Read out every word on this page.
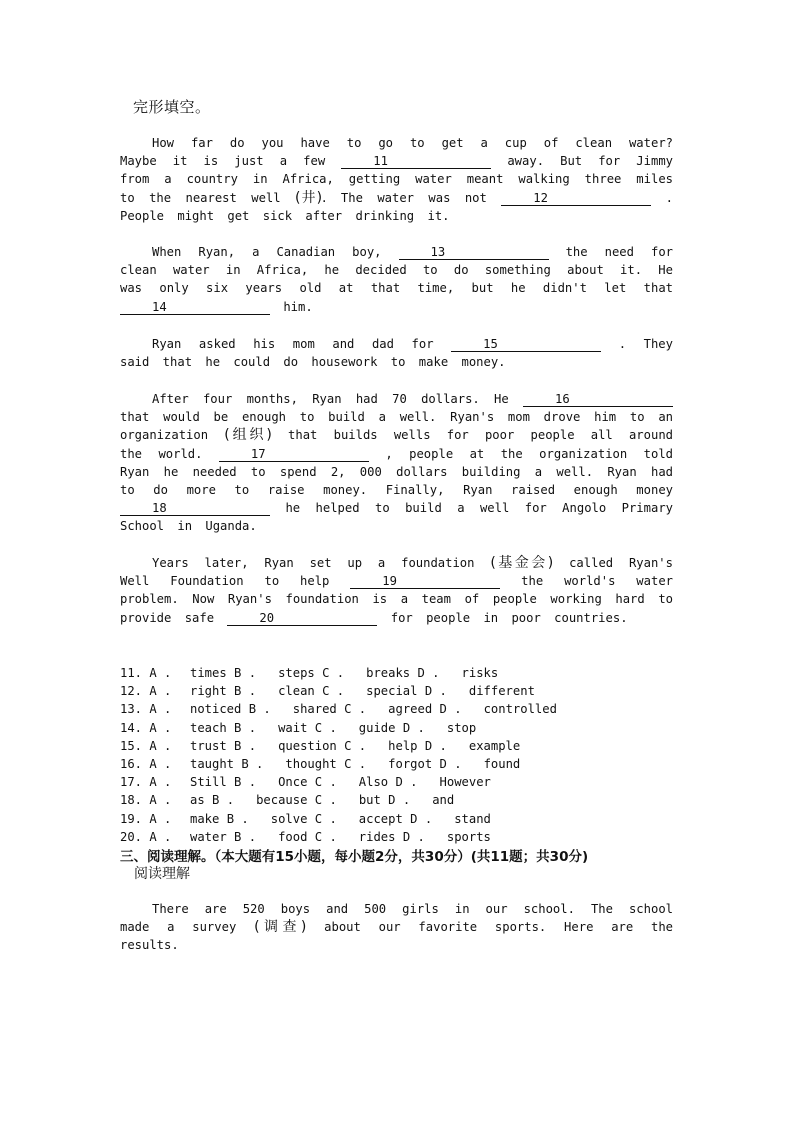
完形填空。
How far do you have to go to get a cup of clean water? Maybe it is just a few	11	away. But for Jimmy from a country in Africa, getting water meant walking three miles to the nearest well (井). The water was not	12	. People might get sick after drinking it.
When Ryan, a Canadian boy,	13	the need for clean water in Africa, he decided to do something about it. He was only six years old at that time, but he didn't let that 14	him.
Ryan asked his mom and dad for	15	. They said that he could do housework to make money.
After four months, Ryan had 70 dollars. He	16 that would be enough to build a well. Ryan's mom drove him to an organization (组织) that builds wells for poor people all around the world.	17	, people at the organization told Ryan he needed to spend 2, 000 dollars building a well. Ryan had to do more to raise money. Finally, Ryan raised enough money 18	he helped to build a well for Angolo Primary School in Uganda.
Years later, Ryan set up a foundation (基金会) called Ryan's Well Foundation to help	19	the world's water problem. Now Ryan's foundation is a team of people working hard to provide safe	20	for people in poor countries.
11. A . times B . steps C . breaks D . risks
12. A . right B . clean C . special D . different
13. A . noticed B . shared C . agreed D . controlled
14. A . teach B . wait C . guide D . stop
15. A . trust B . question C . help D . example
16. A . taught B . thought C . forgot D . found
17. A . Still B . Once C . Also D . However
18. A . as B . because C . but D . and
19. A . make B . solve C . accept D . stand
20. A . water B . food C . rides D . sports
三、阅读理解。（本大题有15小题，每小题2分，共30分）(共11题；共30分)
阅读理解
There are 520 boys and 500 girls in our school. The school made a survey (调查) about our favorite sports. Here are the results.
